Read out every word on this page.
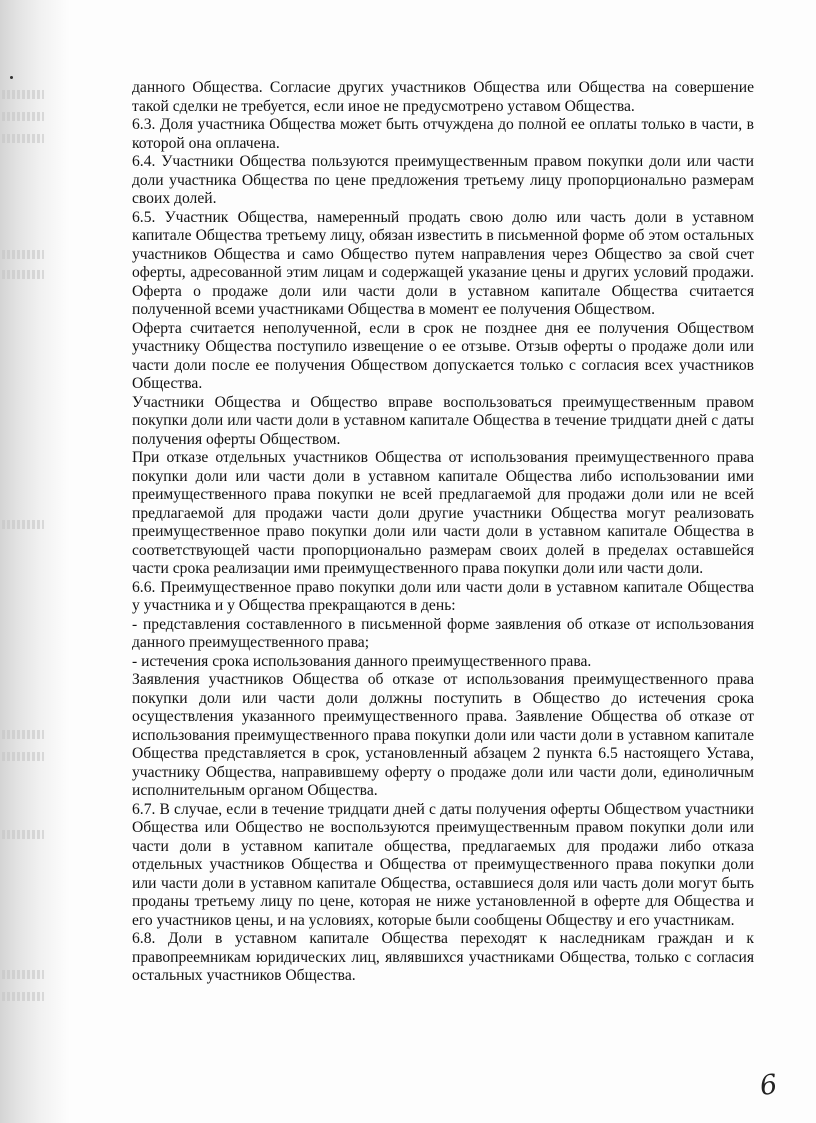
данного Общества. Согласие других участников Общества или Общества на совершение такой сделки не требуется, если иное не предусмотрено уставом Общества.

6.3. Доля участника Общества может быть отчуждена до полной ее оплаты только в части, в которой она оплачена.

6.4. Участники Общества пользуются преимущественным правом покупки доли или части доли участника Общества по цене предложения третьему лицу пропорционально размерам своих долей.

6.5. Участник Общества, намеренный продать свою долю или часть доли в уставном капитале Общества третьему лицу, обязан известить в письменной форме об этом остальных участников Общества и само Общество путем направления через Общество за свой счет оферты, адресованной этим лицам и содержащей указание цены и других условий продажи. Оферта о продаже доли или части доли в уставном капитале Общества считается полученной всеми участниками Общества в момент ее получения Обществом.

Оферта считается неполученной, если в срок не позднее дня ее получения Обществом участнику Общества поступило извещение о ее отзыве. Отзыв оферты о продаже доли или части доли после ее получения Обществом допускается только с согласия всех участников Общества.

Участники Общества и Общество вправе воспользоваться преимущественным правом покупки доли или части доли в уставном капитале Общества в течение тридцати дней с даты получения оферты Обществом.

При отказе отдельных участников Общества от использования преимущественного права покупки доли или части доли в уставном капитале Общества либо использовании ими преимущественного права покупки не всей предлагаемой для продажи доли или не всей предлагаемой для продажи части доли другие участники Общества могут реализовать преимущественное право покупки доли или части доли в уставном капитале Общества в соответствующей части пропорционально размерам своих долей в пределах оставшейся части срока реализации ими преимущественного права покупки доли или части доли.

6.6. Преимущественное право покупки доли или части доли в уставном капитале Общества у участника и у Общества прекращаются в день:

- представления составленного в письменной форме заявления об отказе от использования данного преимущественного права;

- истечения срока использования данного преимущественного права.

Заявления участников Общества об отказе от использования преимущественного права покупки доли или части доли должны поступить в Общество до истечения срока осуществления указанного преимущественного права. Заявление Общества об отказе от использования преимущественного права покупки доли или части доли в уставном капитале Общества представляется в срок, установленный абзацем 2 пункта 6.5 настоящего Устава, участнику Общества, направившему оферту о продаже доли или части доли, единоличным исполнительным органом Общества.

6.7. В случае, если в течение тридцати дней с даты получения оферты Обществом участники Общества или Общество не воспользуются преимущественным правом покупки доли или части доли в уставном капитале общества, предлагаемых для продажи либо отказа отдельных участников Общества и Общества от преимущественного права покупки доли или части доли в уставном капитале Общества, оставшиеся доля или часть доли могут быть проданы третьему лицу по цене, которая не ниже установленной в оферте для Общества и его участников цены, и на условиях, которые были сообщены Обществу и его участникам.

6.8. Доли в уставном капитале Общества переходят к наследникам граждан и к правопреемникам юридических лиц, являвшихся участниками Общества, только с согласия остальных участников Общества.

6
